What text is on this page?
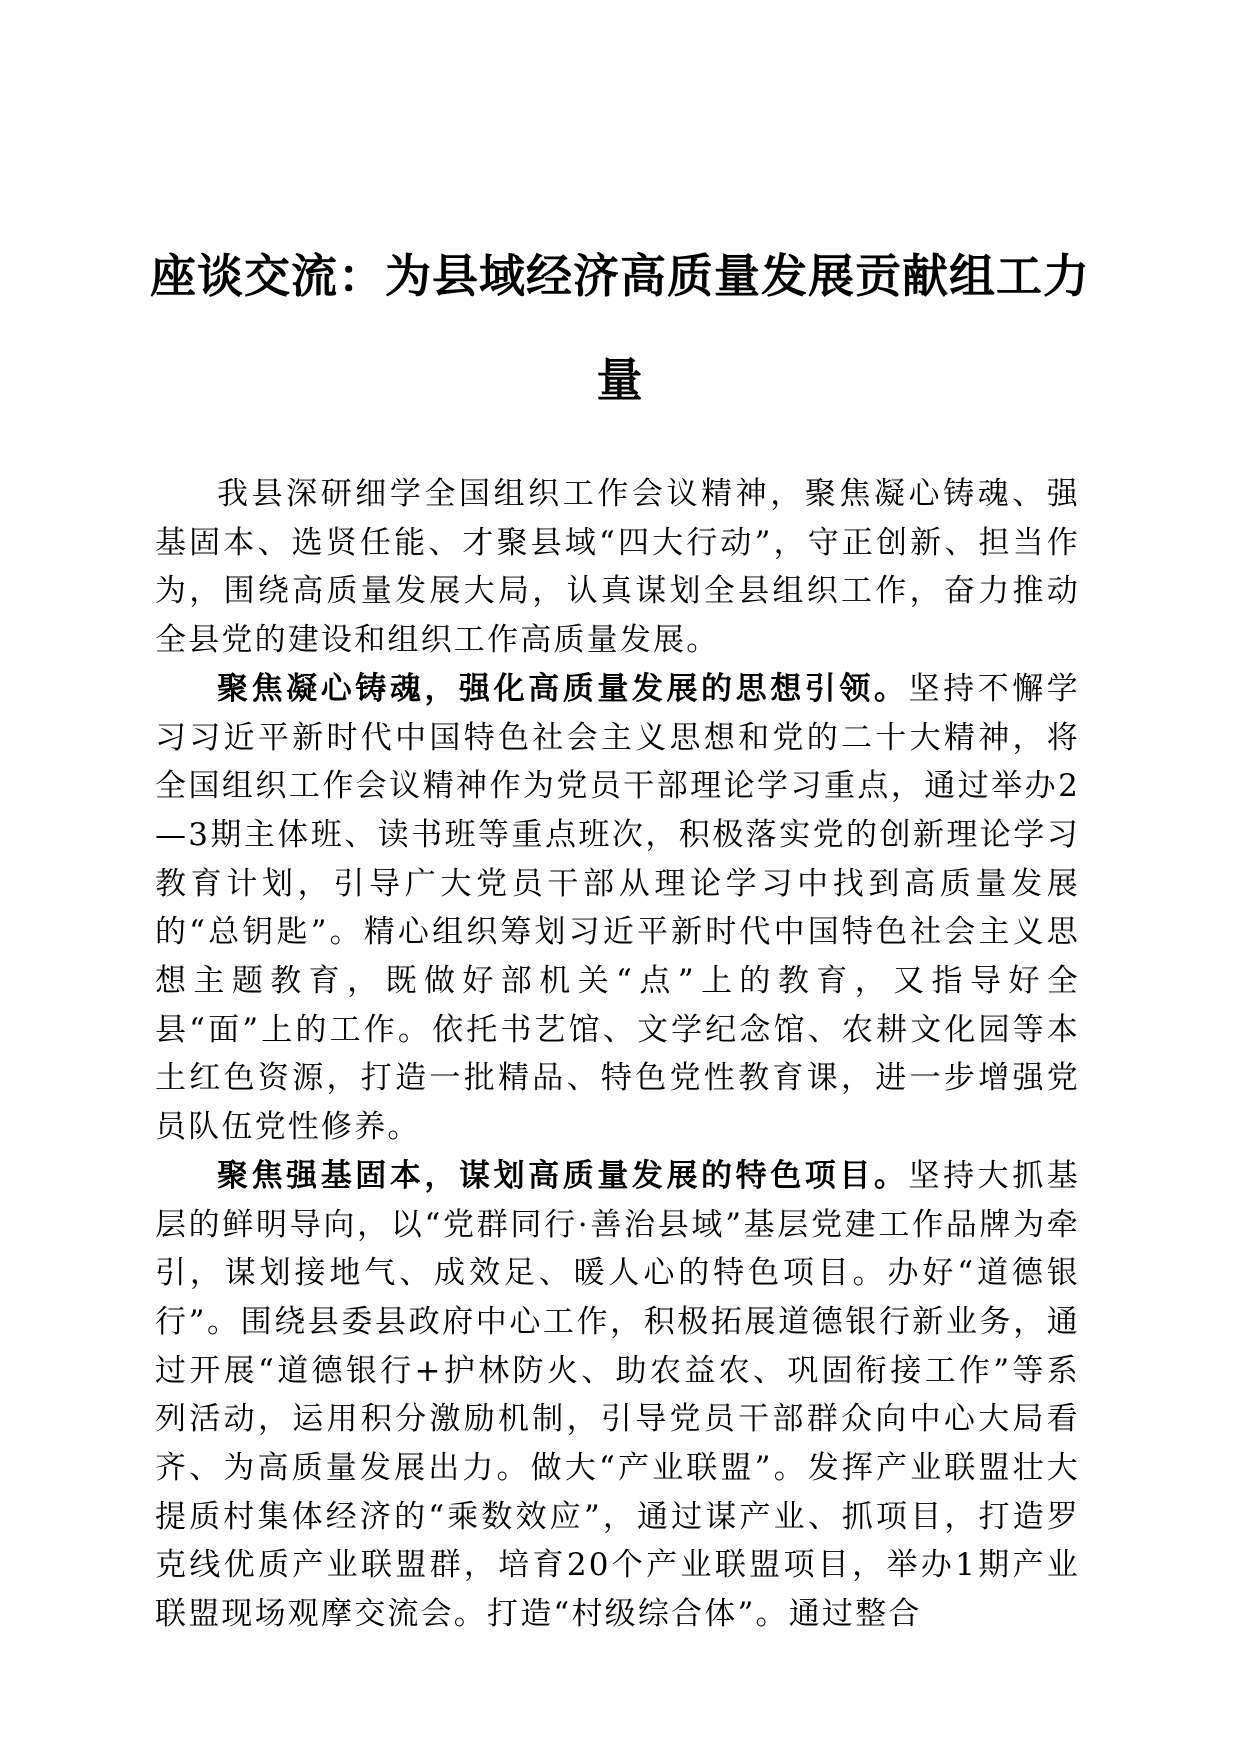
座谈交流：为县域经济高质量发展贡献组工力量

我县深研细学全国组织工作会议精神，聚焦凝心铸魂、强基固本、选贤任能、才聚县域“四大行动”，守正创新、担当作为，围绕高质量发展大局，认真谋划全县组织工作，奋力推动全县党的建设和组织工作高质量发展。

聚焦凝心铸魂，强化高质量发展的思想引领。坚持不懈学习习近平新时代中国特色社会主义思想和党的二十大精神，将全国组织工作会议精神作为党员干部理论学习重点，通过举办2—3期主体班、读书班等重点班次，积极落实党的创新理论学习教育计划，引导广大党员干部从理论学习中找到高质量发展的“总钥匙”。精心组织筹划习近平新时代中国特色社会主义思想主题教育，既做好部机关“点”上的教育，又指导好全县“面”上的工作。依托书艺馆、文学纪念馆、农耕文化园等本土红色资源，打造一批精品、特色党性教育课，进一步增强党员队伍党性修养。

聚焦强基固本，谋划高质量发展的特色项目。坚持大抓基层的鲜明导向，以“党群同行·善治县域”基层党建工作品牌为牵引，谋划接地气、成效足、暖人心的特色项目。办好“道德银行”。围绕县委县政府中心工作，积极拓展道德银行新业务，通过开展“道德银行+护林防火、助农益农、巩固衔接工作”等系列活动，运用积分激励机制，引导党员干部群众向中心大局看齐、为高质量发展出力。做大“产业联盟”。发挥产业联盟壮大提质村集体经济的“乘数效应”，通过谋产业、抓项目，打造罗克线优质产业联盟群，培育20个产业联盟项目，举办1期产业联盟现场观摩交流会。打造“村级综合体”。通过整合
